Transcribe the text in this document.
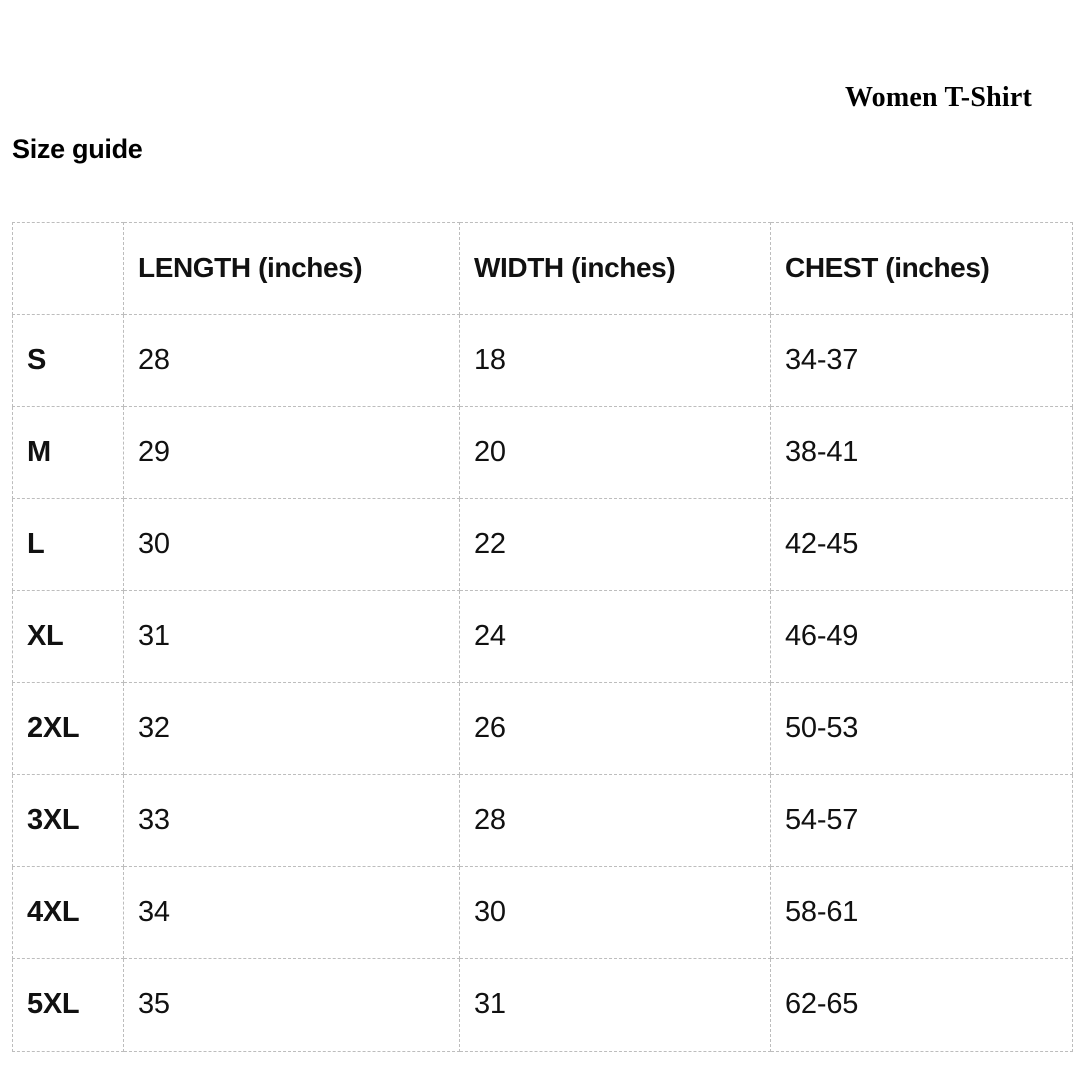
Women T-Shirt
Size guide

	LENGTH (inches)	WIDTH (inches)	CHEST (inches)

S	28	18	34-37

M	29	20	38-41

L	30	22	42-45

XL	31	24	46-49

2XL	32	26	50-53

3XL	33	28	54-57

4XL	34	30	58-61

5XL	35	31	62-65
